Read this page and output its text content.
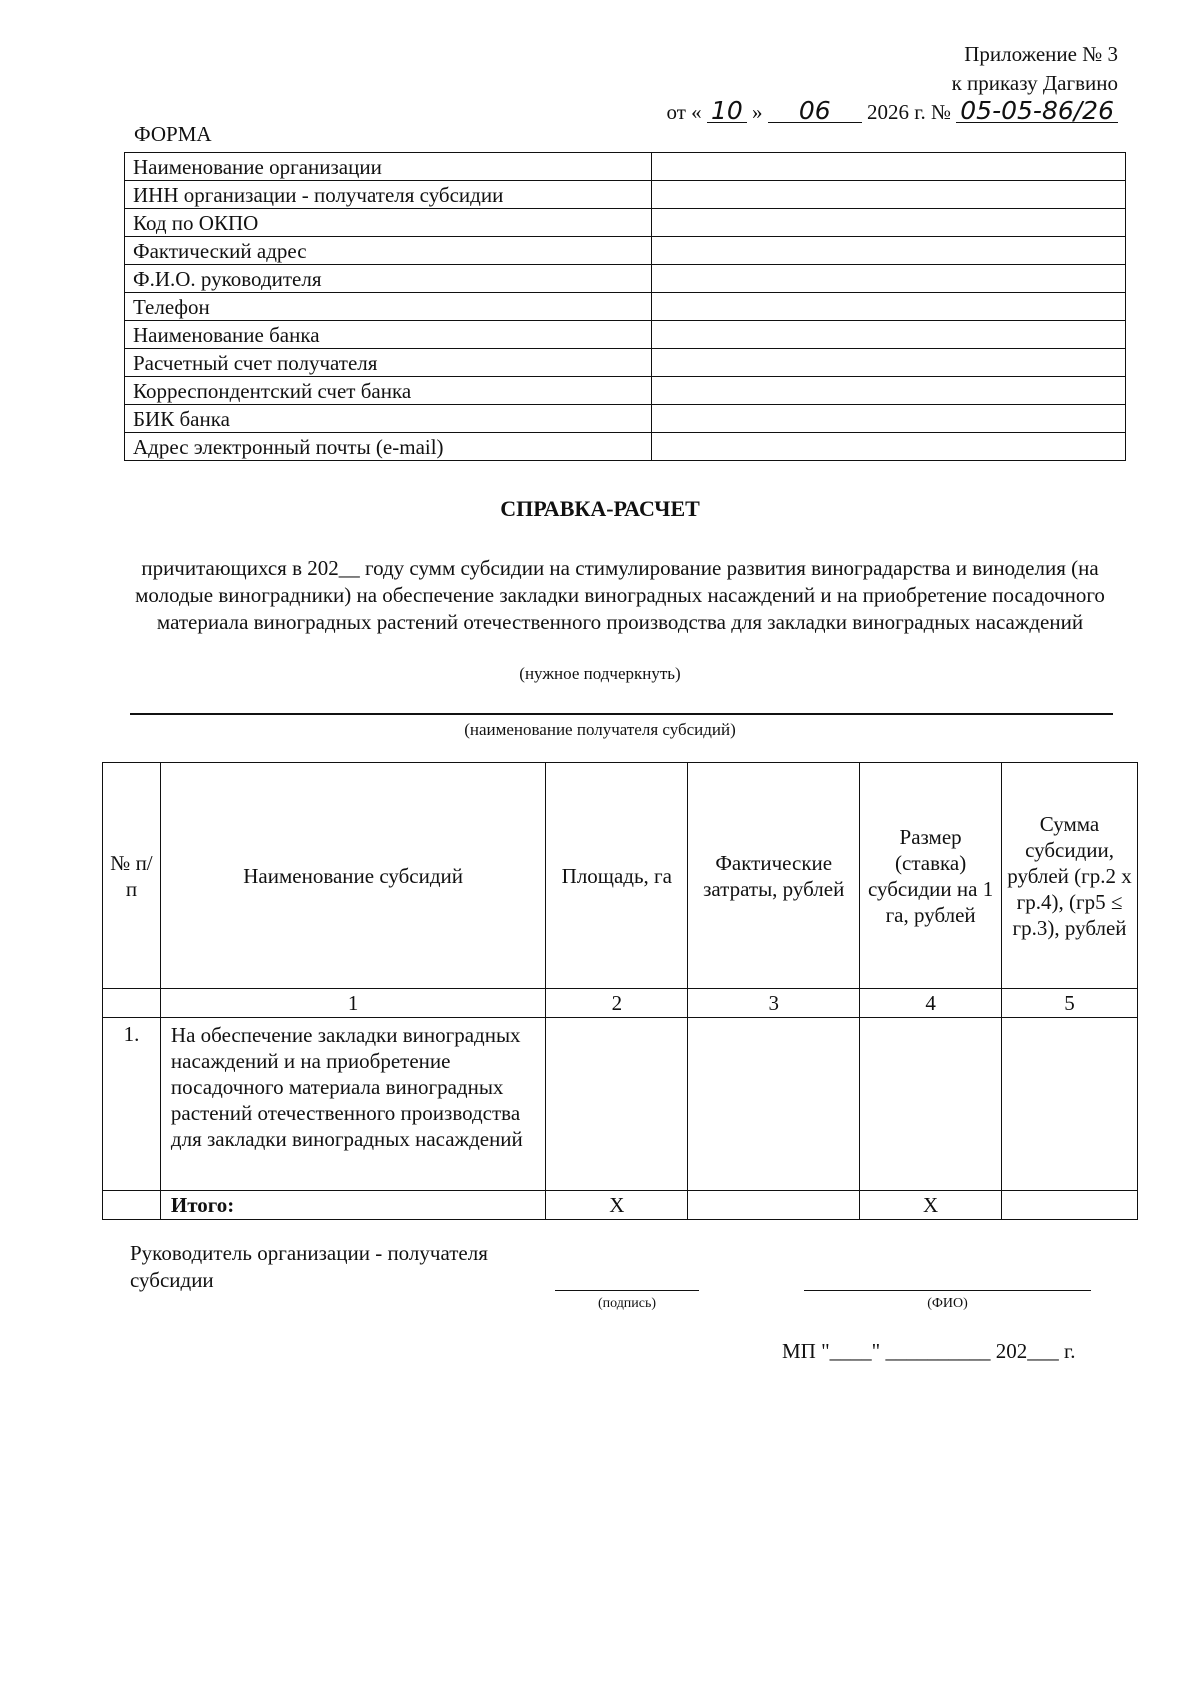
Приложение № 3
к приказу Дагвино
от « 10 » 06 2026 г. № 05-05-86/26
ФОРМА
Наименование организации	
ИНН организации - получателя субсидии	
Код по ОКПО	
Фактический адрес	
Ф.И.О. руководителя	
Телефон	
Наименование банка	
Расчетный счет получателя	
Корреспондентский счет банка	
БИК банка	
Адрес электронный почты (e-mail)	
СПРАВКА-РАСЧЕТ
причитающихся в 202__ году сумм субсидии на стимулирование развития виноградарства и виноделия (на молодые виноградники) на обеспечение закладки виноградных насаждений и на приобретение посадочного материала виноградных растений отечественного производства для закладки виноградных насаждений
(нужное подчеркнуть)
(наименование получателя субсидий)
№ п/п	Наименование субсидий	Площадь, га	Фактические затраты, рублей	Размер (ставка) субсидии на 1 га, рублей	Сумма субсидии, рублей (гр.2 х гр.4), (гр5 ≤ гр.3), рублей
	1	2	3	4	5
1.	На обеспечение закладки виноградных насаждений и на приобретение посадочного материала виноградных растений отечественного производства для закладки виноградных насаждений				
	Итого:	Х		Х	
Руководитель организации - получателя субсидии
(подпись)	(ФИО)
МП "____" __________ 202___ г.
